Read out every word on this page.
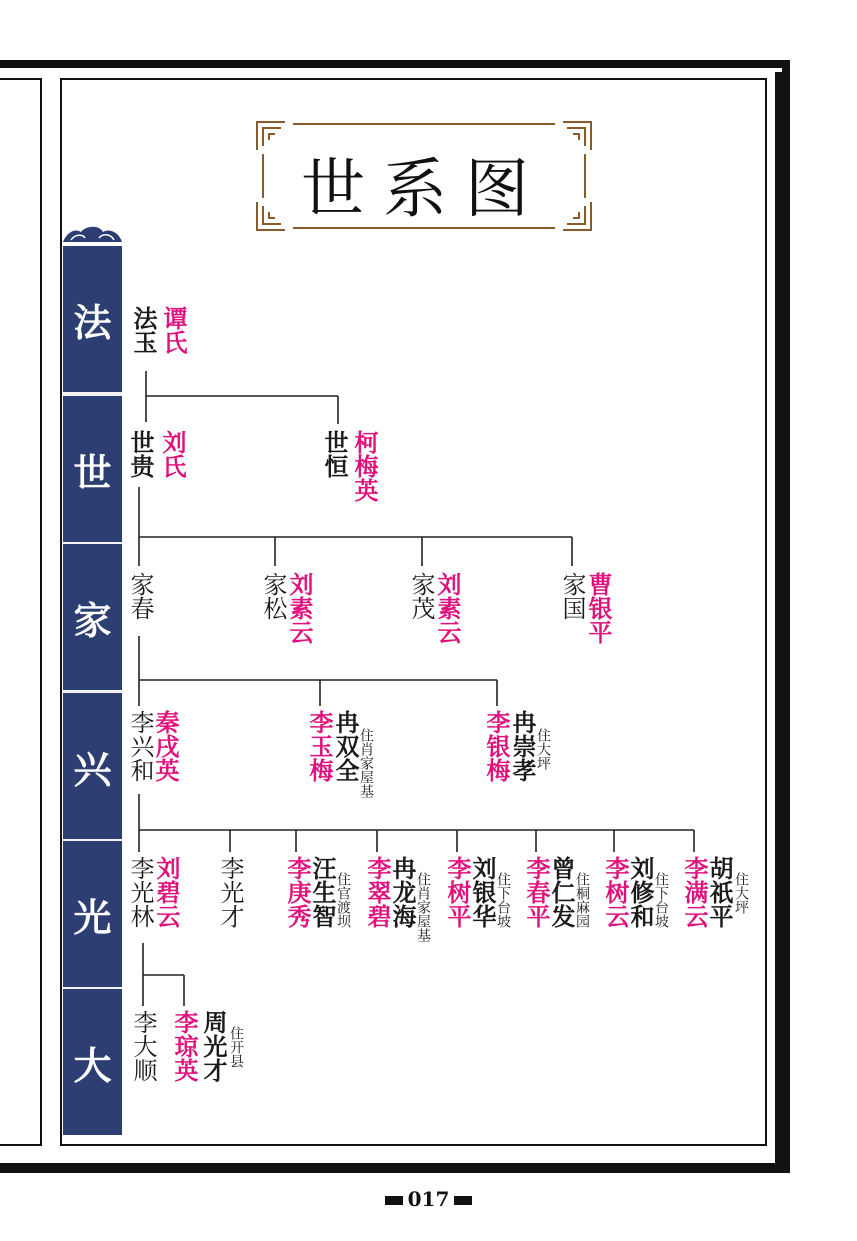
世系图
法
世
家
兴
光
大
法玉 谭氏
世贵 刘氏	世恒 柯梅英
家春	家松
刘素云	家茂
刘素云	家国
曹银平
李兴和
秦戌英	李玉梅
冉双全 住肖家屋基	李银梅
冉崇孝 住大坪
李光林
刘碧云 李光才 李庚秀
汪生智 住官渡坝 李翠碧
冉龙海 住肖家屋基 李树平
刘银华 住下台坡 李春平
曾仁发 住桐麻园 李树云
刘修和 住下台坡 李满云
胡祇平 住大坪
李大顺 李琼英 周光才 住开县
017
